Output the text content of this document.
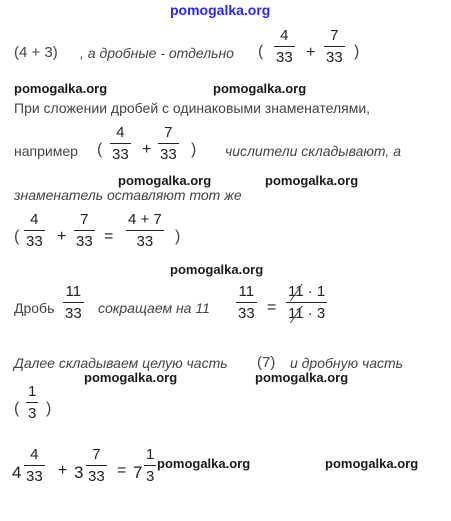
pomogalka.org
pomogalka.org	pomogalka.org
pomogalka.org	pomogalka.org
pomogalka.org
pomogalka.org	pomogalka.org
pomogalka.org	pomogalka.org
(4 + 3) , а дробные - отдельно (
4
33 +
7
33 )
При сложении дробей с одинаковыми знаменателями,
например (
4
33 +
7
33 ) числители складывают, а
знаменатель оставляют тот же
(
4
33 +
7
33 =
4 + 7
33 )
Дробь
11
33 сокращаем на 11
11
33 =
11 · 1
11 · 3
Далее складываем целую часть (7) и дробную часть
(
1
3 )
4
4
33 + 3
7
33 = 7
1
3
